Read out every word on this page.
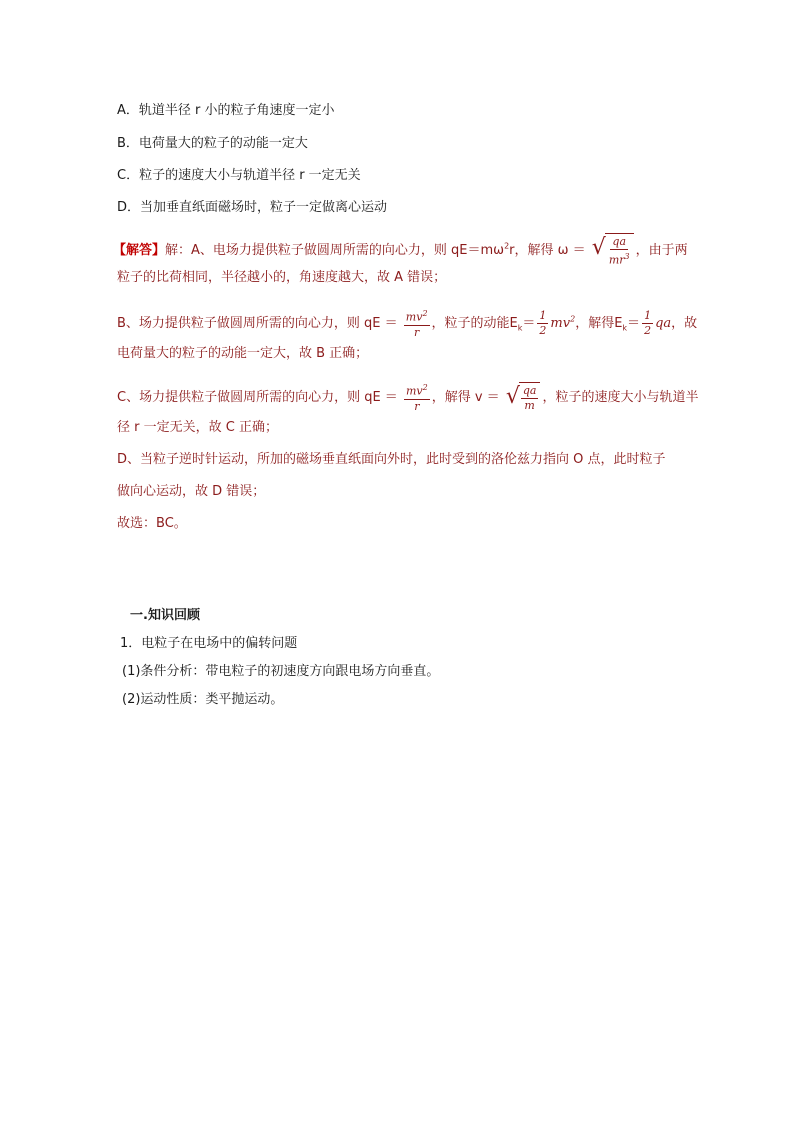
A．轨道半径 r 小的粒子角速度一定小
B．电荷量大的粒子的动能一定大
C．粒子的速度大小与轨道半径 r 一定无关
D．当加垂直纸面磁场时，粒子一定做离心运动
【解答】解：A、电场力提供粒子做圆周所需的向心力，则 $qE=m\omega^2r$，解得 ω ＝ √ $\frac{qa}{mr^3}$ ，由于两
粒子的比荷相同，半径越小的，角速度越大，故 A 错误；
B、场力提供粒子做圆周所需的向心力，则 qE ＝ $\frac{mv^2}{r}$ ，粒子的动能$E_k= \frac{1}{2} mv^2$，解得$E_k= \frac{1}{2}$ qa，故
电荷量大的粒子的动能一定大，故 B 正确；
C、场力提供粒子做圆周所需的向心力，则 qE ＝ $\frac{mv^2}{r}$ ，解得 v ＝ √ $\frac{qa}{m}$ ，粒子的速度大小与轨道半
径 r 一定无关，故 C 正确；
D、当粒子逆时针运动，所加的磁场垂直纸面向外时，此时受到的洛伦兹力指向 O 点，此时粒子
做向心运动，故 D 错误；
故选：BC。
一.知识回顾
1．电粒子在电场中的偏转问题
(1)条件分析：带电粒子的初速度方向跟电场方向垂直。
(2)运动性质：类平抛运动。
